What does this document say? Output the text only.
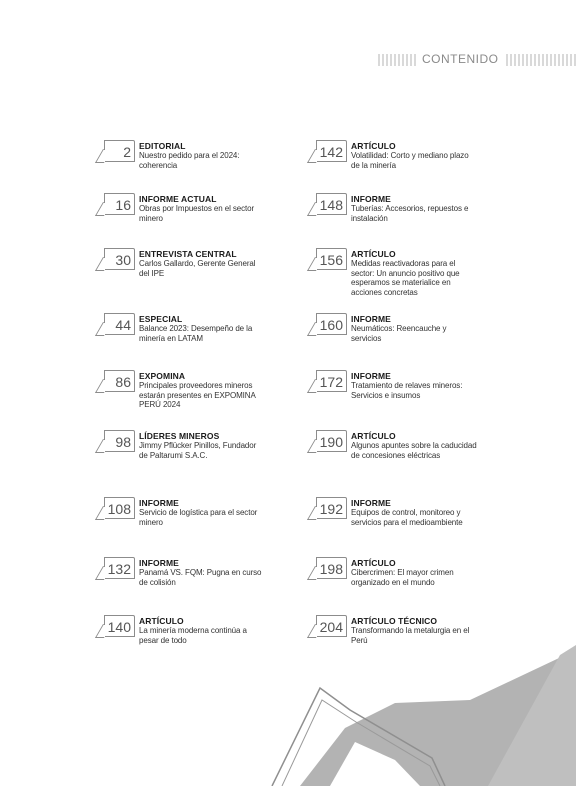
CONTENIDO
2 EDITORIAL
Nuestro pedido para el 2024: coherencia
16 INFORME ACTUAL
Obras por Impuestos en el sector minero
30 ENTREVISTA CENTRAL
Carlos Gallardo, Gerente General del IPE
44 ESPECIAL
Balance 2023: Desempeño de la minería en LATAM
86 EXPOMINA
Principales proveedores mineros estarán presentes en EXPOMINA PERÚ 2024
98 LÍDERES MINEROS
Jimmy Pflücker Pinillos, Fundador de Paltarumi S.A.C.
108 INFORME
Servicio de logística para el sector minero
132 INFORME
Panamá VS. FQM: Pugna en curso de colisión
140 ARTÍCULO
La minería moderna continúa a pesar de todo
142 ARTÍCULO
Volatilidad: Corto y mediano plazo de la minería
148 INFORME
Tuberías: Accesorios, repuestos e instalación
156 ARTÍCULO
Medidas reactivadoras para el sector: Un anuncio positivo que esperamos se materialice en acciones concretas
160 INFORME
Neumáticos: Reencauche y servicios
172 INFORME
Tratamiento de relaves mineros: Servicios e insumos
190 ARTÍCULO
Algunos apuntes sobre la caducidad de concesiones eléctricas
192 INFORME
Equipos de control, monitoreo y servicios para el medioambiente
198 ARTÍCULO
Cibercrimen: El mayor crimen organizado en el mundo
204 ARTÍCULO TÉCNICO
Transformando la metalurgia en el Perú
